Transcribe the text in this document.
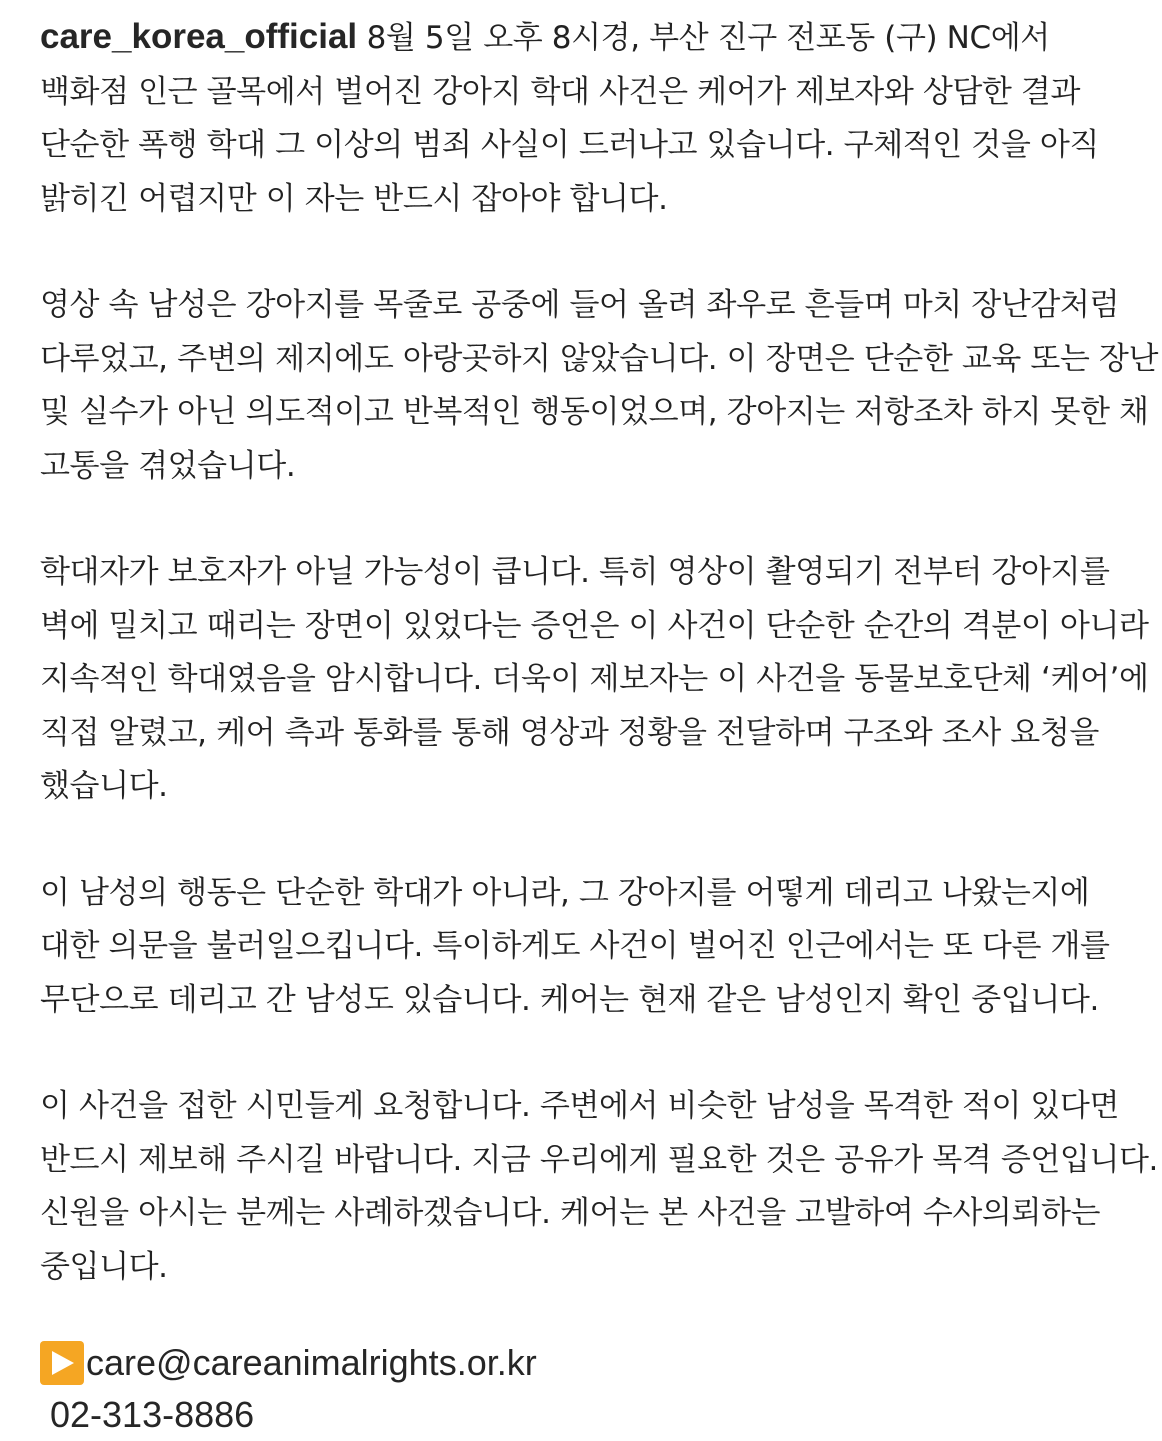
care_korea_official 8월 5일 오후 8시경, 부산 진구 전포동 (구) NC에서
백화점 인근 골목에서 벌어진 강아지 학대 사건은 케어가 제보자와 상담한 결과
단순한 폭행 학대 그 이상의 범죄 사실이 드러나고 있습니다. 구체적인 것을 아직
밝히긴 어렵지만 이 자는 반드시 잡아야 합니다.

영상 속 남성은 강아지를 목줄로 공중에 들어 올려 좌우로 흔들며 마치 장난감처럼
다루었고, 주변의 제지에도 아랑곳하지 않았습니다. 이 장면은 단순한 교육 또는 장난
및 실수가 아닌 의도적이고 반복적인 행동이었으며, 강아지는 저항조차 하지 못한 채
고통을 겪었습니다.

학대자가 보호자가 아닐 가능성이 큽니다. 특히 영상이 촬영되기 전부터 강아지를
벽에 밀치고 때리는 장면이 있었다는 증언은 이 사건이 단순한 순간의 격분이 아니라
지속적인 학대였음을 암시합니다. 더욱이 제보자는 이 사건을 동물보호단체 ‘케어’에
직접 알렸고, 케어 측과 통화를 통해 영상과 정황을 전달하며 구조와 조사 요청을
했습니다.

이 남성의 행동은 단순한 학대가 아니라, 그 강아지를 어떻게 데리고 나왔는지에
대한 의문을 불러일으킵니다. 특이하게도 사건이 벌어진 인근에서는 또 다른 개를
무단으로 데리고 간 남성도 있습니다. 케어는 현재 같은 남성인지 확인 중입니다.

이 사건을 접한 시민들게 요청합니다. 주변에서 비슷한 남성을 목격한 적이 있다면
반드시 제보해 주시길 바랍니다. 지금 우리에게 필요한 것은 공유가 목격 증언입니다.
신원을 아시는 분께는 사례하겠습니다. 케어는 본 사건을 고발하여 수사의뢰하는
중입니다.

care@careanimalrights.or.kr
02-313-8886
